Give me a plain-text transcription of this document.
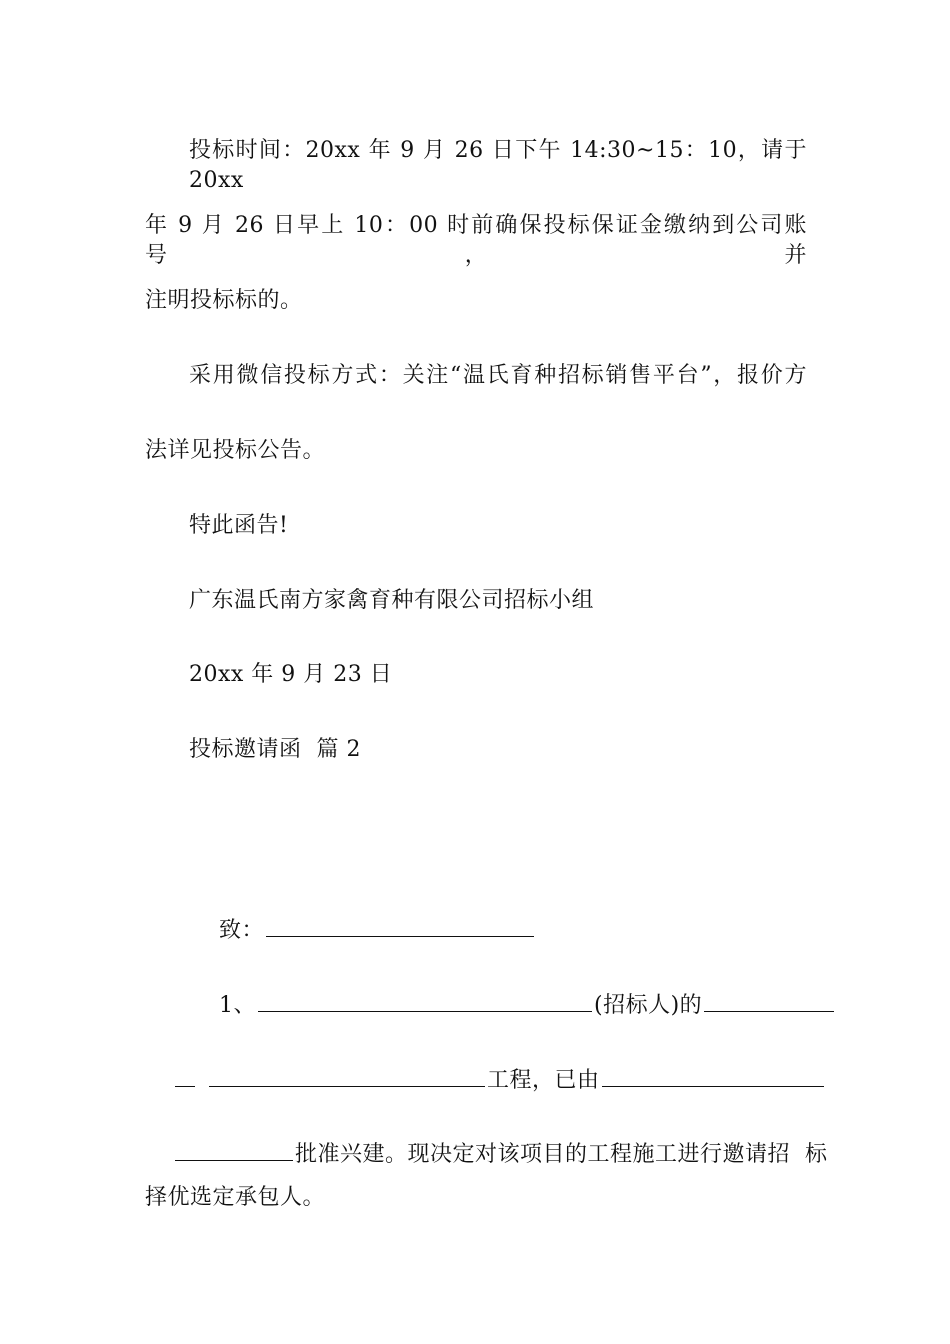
投标时间：20xx 年 9 月 26 日下午 14:30~15：10，请于 20xx
年 9 月 26 日早上 10：00 时前确保投标保证金缴纳到公司账号，并
注明投标标的。
采用微信投标方式：关注“温氏育种招标销售平台”，报价方
法详见投标公告。
特此函告!
广东温氏南方家禽育种有限公司招标小组
20xx 年 9 月 23 日
投标邀请函  篇 2

致：

1、	(招标人)的

工程，已由

批准兴建。现决定对该项目的工程施工进行邀请招  标

择优选定承包人。
